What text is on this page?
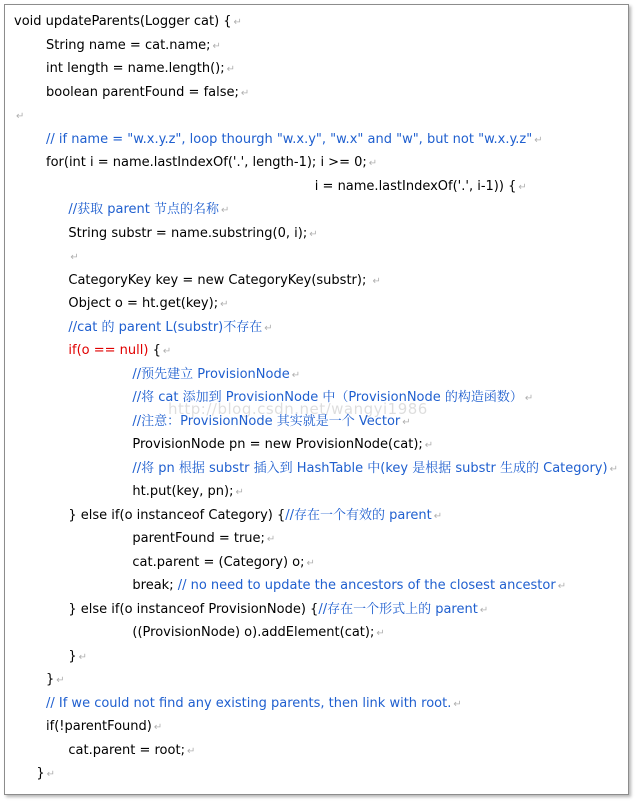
http://blog.csdn.net/wangyi1986
void updateParents(Logger cat) { ↵
String name = cat.name; ↵
int length = name.length(); ↵
boolean parentFound = false; ↵
↵
// if name = "w.x.y.z", loop thourgh "w.x.y", "w.x" and "w", but not "w.x.y.z" ↵
for(int i = name.lastIndexOf('.', length-1); i >= 0; ↵
i = name.lastIndexOf('.', i-1)) { ↵
//获取 parent 节点的名称 ↵
String substr = name.substring(0, i); ↵
↵
CategoryKey key = new CategoryKey(substr); ↵
Object o = ht.get(key); ↵
//cat 的 parent L(substr)不存在 ↵
if(o == null) { ↵
//预先建立 ProvisionNode ↵
//将 cat 添加到 ProvisionNode 中（ProvisionNode 的构造函数） ↵
//注意：ProvisionNode 其实就是一个 Vector ↵
ProvisionNode pn = new ProvisionNode(cat); ↵
//将 pn 根据 substr 插入到 HashTable 中(key 是根据 substr 生成的 Category) ↵
ht.put(key, pn); ↵
} else if(o instanceof Category) {//存在一个有效的 parent ↵
parentFound = true; ↵
cat.parent = (Category) o; ↵
break; // no need to update the ancestors of the closest ancestor ↵
} else if(o instanceof ProvisionNode) {//存在一个形式上的 parent ↵
((ProvisionNode) o).addElement(cat); ↵
} ↵
} ↵
// If we could not find any existing parents, then link with root. ↵
if(!parentFound) ↵
cat.parent = root; ↵
} ↵
